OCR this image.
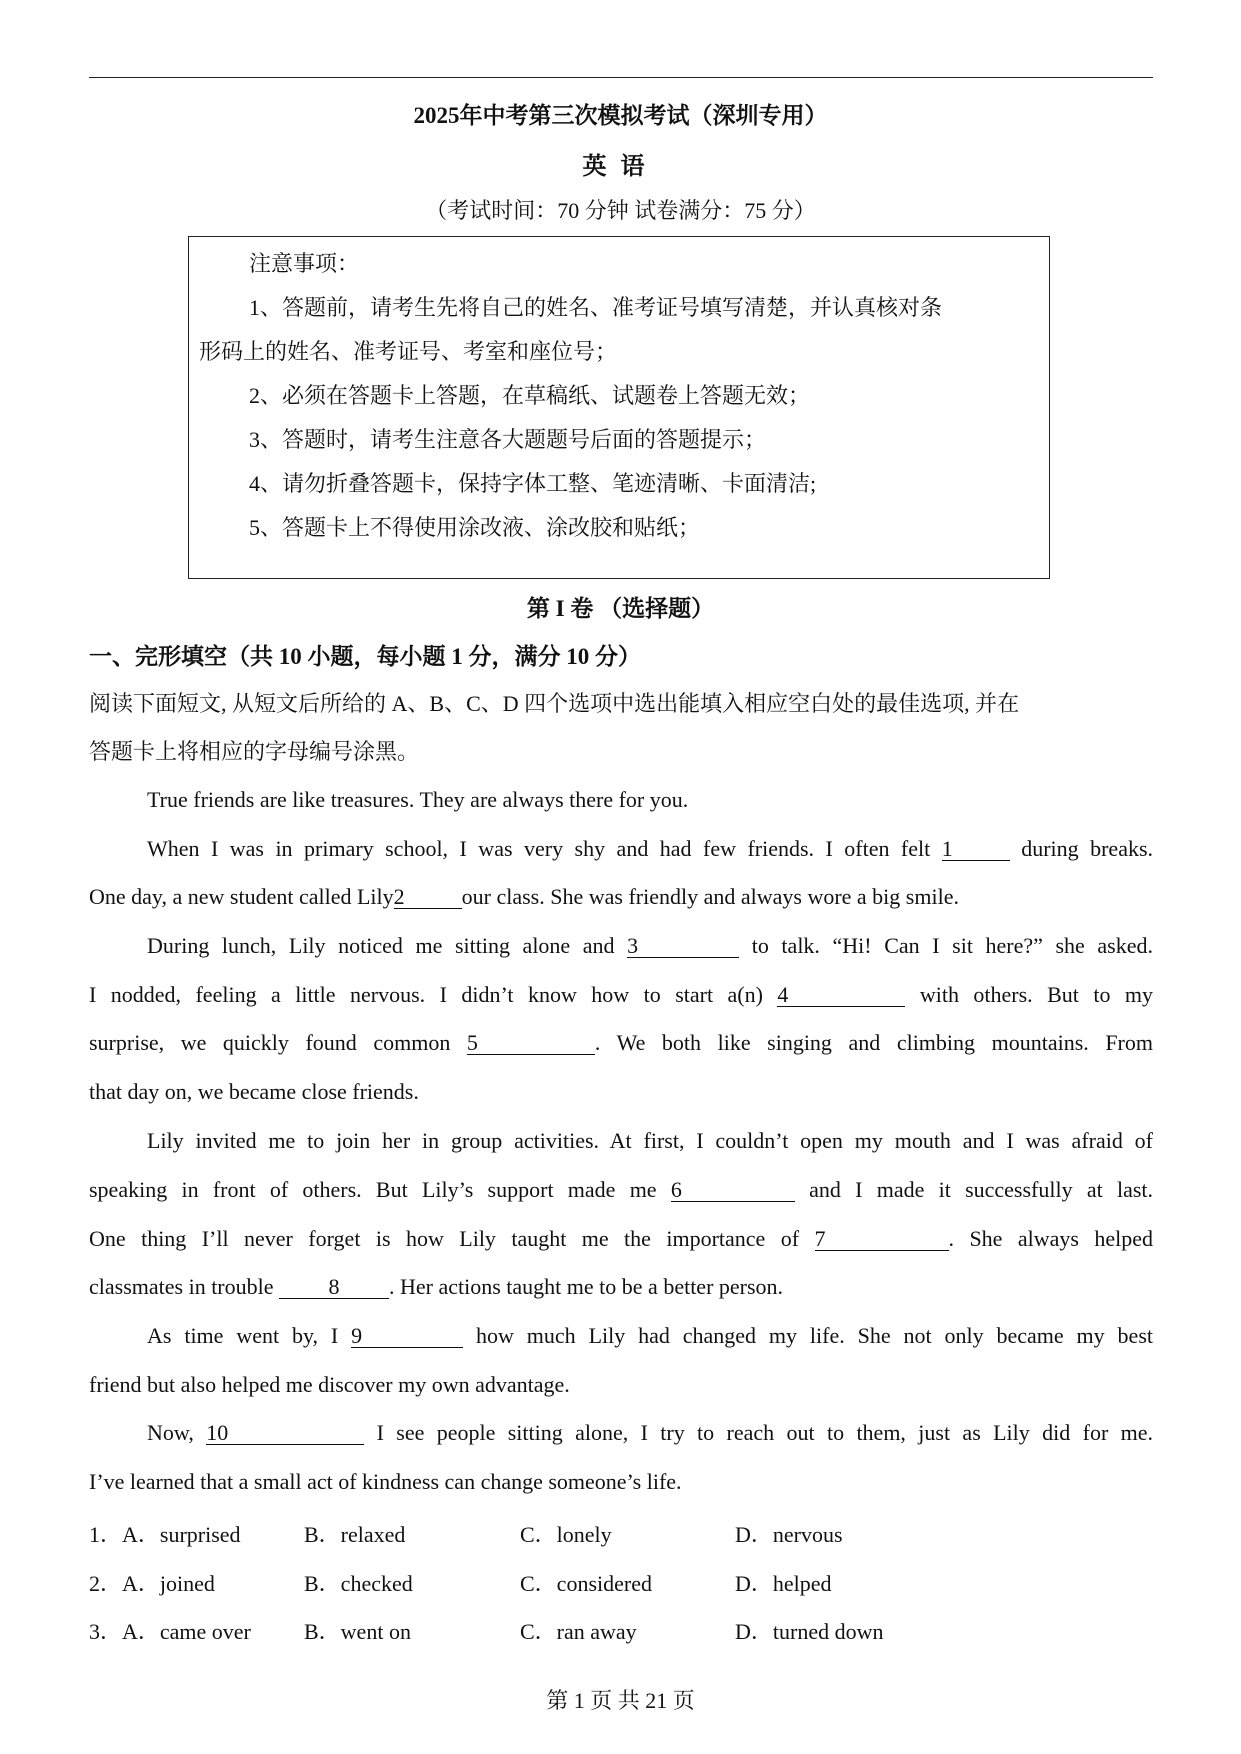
2025年中考第三次模拟考试（深圳专用）
英语
（考试时间：70 分钟 试卷满分：75 分）
注意事项：
1、答题前，请考生先将自己的姓名、准考证号填写清楚，并认真核对条
形码上的姓名、准考证号、考室和座位号；
2、必须在答题卡上答题，在草稿纸、试题卷上答题无效；
3、答题时，请考生注意各大题题号后面的答题提示；
4、请勿折叠答题卡，保持字体工整、笔迹清晰、卡面清洁;
5、答题卡上不得使用涂改液、涂改胶和贴纸；
第 I 卷 （选择题）
一、完形填空（共 10 小题，每小题 1 分，满分 10 分）
阅读下面短文, 从短文后所给的 A、B、C、D 四个选项中选出能填入相应空白处的最佳选项, 并在
答题卡上将相应的字母编号涂黑。
True friends are like treasures. They are always there for you.
When I was in primary school, I was very shy and had few friends. I often felt 1	during breaks.
One day, a new student called Lily2	our class. She was friendly and always wore a big smile.
During lunch, Lily noticed me sitting alone and 3	to talk. “Hi! Can I sit here?” she asked.
I nodded, feeling a little nervous. I didn’t know how to start a(n) 4	with others. But to my
surprise, we quickly found common 5	. We both like singing and climbing mountains. From
that day on, we became close friends.
Lily invited me to join her in group activities. At first, I couldn’t open my mouth and I was afraid of
speaking in front of others. But Lily’s support made me 6	and I made it successfully at last.
One thing I’ll never forget is how Lily taught me the importance of 7	. She always helped
classmates in trouble	8 . Her actions taught me to be a better person.
As time went by, I 9	how much Lily had changed my life. She not only became my best
friend but also helped me discover my own advantage.
Now, 10	I see people sitting alone, I try to reach out to them, just as Lily did for me.
I’ve learned that a small act of kindness can change someone’s life.
1． A．surprised	B．relaxed	C．lonely	D．nervous
2． A．joined	B．checked	C．considered	D．helped
3． A．came over B．went on	C．ran away	D．turned down
第 1 页 共 21 页
